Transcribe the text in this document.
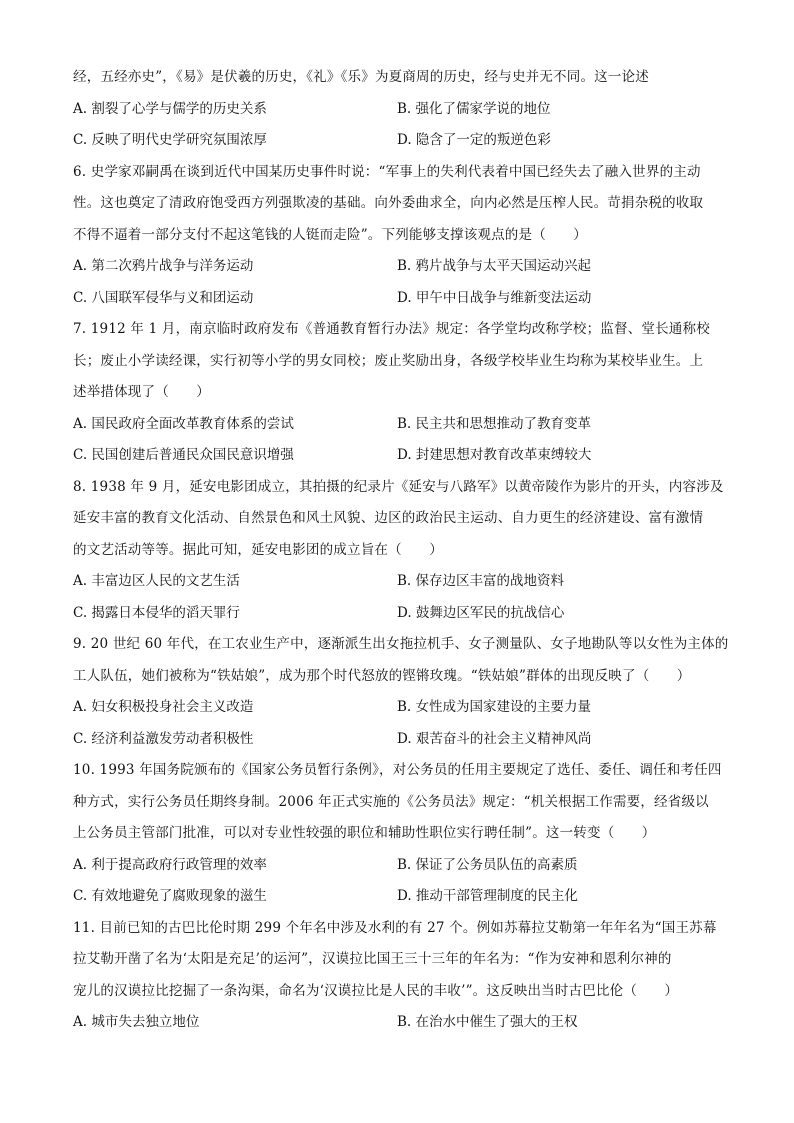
经，五经亦史”，《易》是伏羲的历史，《礼》《乐》为夏商周的历史，经与史并无不同。这一论述
A. 割裂了心学与儒学的历史关系	B. 强化了儒家学说的地位
C. 反映了明代史学研究氛围浓厚	D. 隐含了一定的叛逆色彩
6. 史学家邓嗣禹在谈到近代中国某历史事件时说：“军事上的失利代表着中国已经失去了融入世界的主动
性。这也奠定了清政府饱受西方列强欺凌的基础。向外委曲求全，向内必然是压榨人民。苛捐杂税的收取
不得不逼着一部分支付不起这笔钱的人铤而走险”。下列能够支撑该观点的是（　　）
A. 第二次鸦片战争与洋务运动	B. 鸦片战争与太平天国运动兴起
C. 八国联军侵华与义和团运动	D. 甲午中日战争与维新变法运动
7. 1912 年 1 月，南京临时政府发布《普通教育暂行办法》规定：各学堂均改称学校；监督、堂长通称校
长；废止小学读经课，实行初等小学的男女同校；废止奖励出身，各级学校毕业生均称为某校毕业生。上
述举措体现了（　　）
A. 国民政府全面改革教育体系的尝试	B. 民主共和思想推动了教育变革
C. 民国创建后普通民众国民意识增强	D. 封建思想对教育改革束缚较大
8. 1938 年 9 月，延安电影团成立，其拍摄的纪录片《延安与八路军》以黄帝陵作为影片的开头，内容涉及
延安丰富的教育文化活动、自然景色和风土风貌、边区的政治民主运动、自力更生的经济建设、富有激情
的文艺活动等等。据此可知，延安电影团的成立旨在（　　）
A. 丰富边区人民的文艺生活	B. 保存边区丰富的战地资料
C. 揭露日本侵华的滔天罪行	D. 鼓舞边区军民的抗战信心
9. 20 世纪 60 年代，在工农业生产中，逐渐派生出女拖拉机手、女子测量队、女子地勘队等以女性为主体的
工人队伍，她们被称为“铁姑娘”，成为那个时代怒放的铿锵玫瑰。“铁姑娘”群体的出现反映了（　　）
A. 妇女积极投身社会主义改造	B. 女性成为国家建设的主要力量
C. 经济利益激发劳动者积极性	D. 艰苦奋斗的社会主义精神风尚
10. 1993 年国务院颁布的《国家公务员暂行条例》，对公务员的任用主要规定了选任、委任、调任和考任四
种方式，实行公务员任期终身制。2006 年正式实施的《公务员法》规定：“机关根据工作需要，经省级以
上公务员主管部门批准，可以对专业性较强的职位和辅助性职位实行聘任制”。这一转变（　　）
A. 利于提高政府行政管理的效率	B. 保证了公务员队伍的高素质
C. 有效地避免了腐败现象的滋生	D. 推动干部管理制度的民主化
11. 目前已知的古巴比伦时期 299 个年名中涉及水利的有 27 个。例如苏幕拉艾勒第一年年名为“国王苏幕
拉艾勒开凿了名为‘太阳是充足’的运河”，汉谟拉比国王三十三年的年名为：“作为安神和恩利尔神的
宠儿的汉谟拉比挖掘了一条沟渠，命名为‘汉谟拉比是人民的丰收’”。这反映出当时古巴比伦（　　）
A. 城市失去独立地位	B. 在治水中催生了强大的王权
